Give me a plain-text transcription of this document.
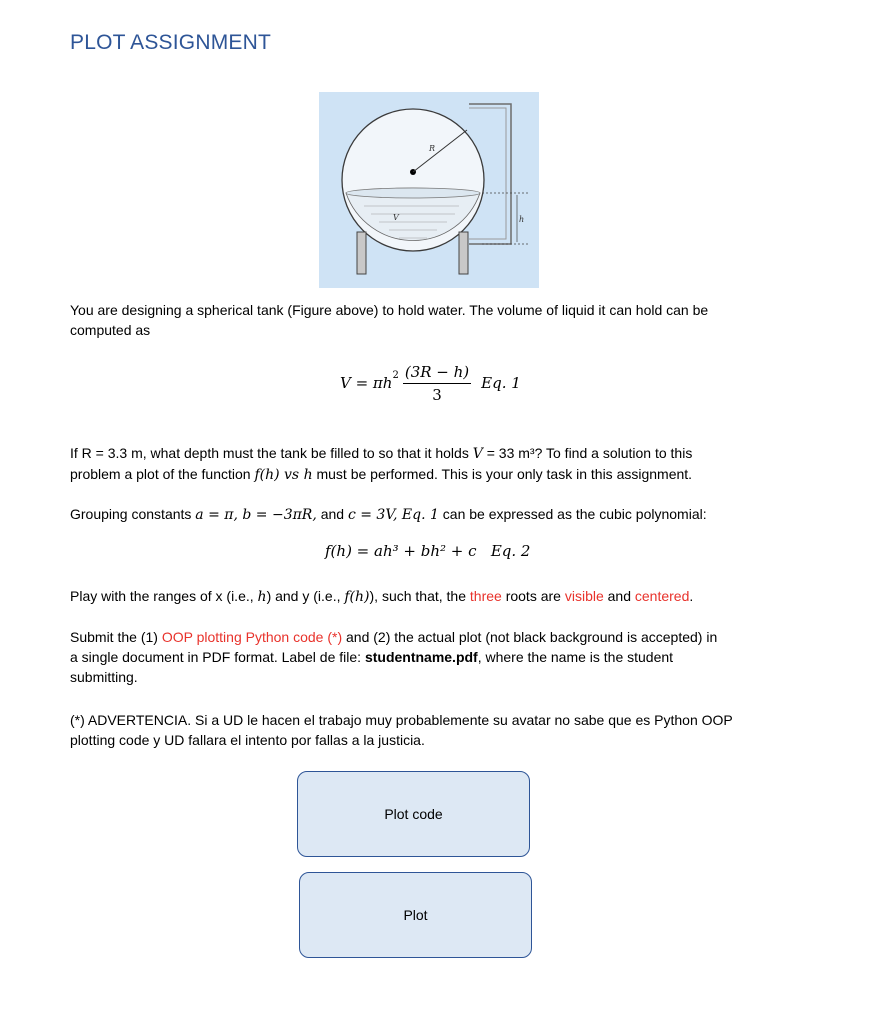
PLOT ASSIGNMENT
R
V	h
You are designing a spherical tank (Figure above) to hold water. The volume of liquid it can hold can be
computed as
$V = \pi h^2 \frac{(3R - h)}{3} Eq$. 1
If R = 3.3 m, what depth must the tank be filled to so that it holds V = 33 m³? To find a solution to this
problem a plot of the function f(h) vs h must be performed. This is your only task in this assignment.
Grouping constants a = π, b = −3πR, and c = 3V, Eq. 1 can be expressed as the cubic polynomial:
f(h) = ah³ + bh² + c   Eq. 2
Play with the ranges of x (i.e., h) and y (i.e., f(h)), such that, the three roots are visible and centered.
Submit the (1) OOP plotting Python code (*) and (2) the actual plot (not black background is accepted) in
a single document in PDF format. Label de file: studentname.pdf, where the name is the student
submitting.
(*) ADVERTENCIA. Si a UD le hacen el trabajo muy probablemente su avatar no sabe que es Python OOP
plotting code y UD fallara el intento por fallas a la justicia.
Plot code
Plot
